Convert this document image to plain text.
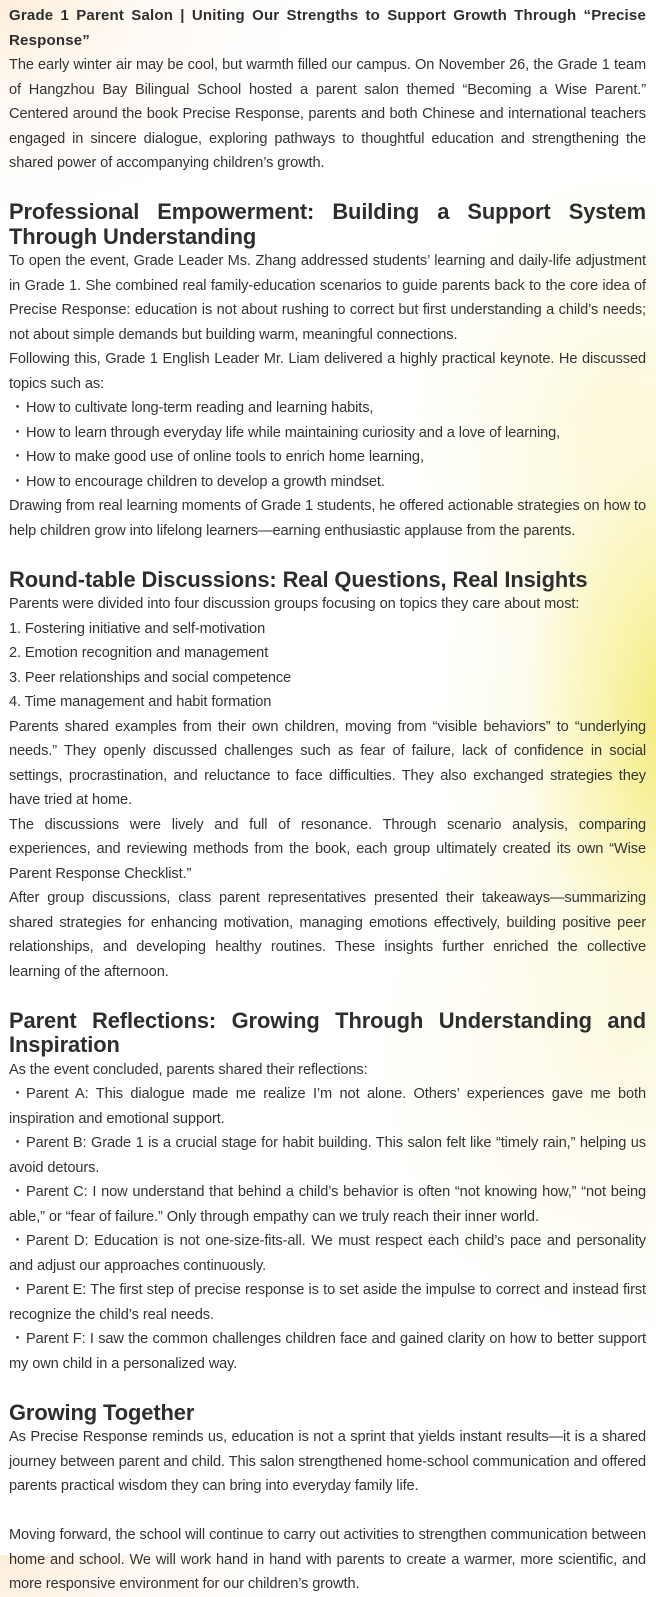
Grade 1 Parent Salon | Uniting Our Strengths to Support Growth Through “Precise Response”

The early winter air may be cool, but warmth filled our campus. On November 26, the Grade 1 team of Hangzhou Bay Bilingual School hosted a parent salon themed “Becoming a Wise Parent.” Centered around the book Precise Response, parents and both Chinese and international teachers engaged in sincere dialogue, exploring pathways to thoughtful education and strengthening the shared power of accompanying children’s growth.

Professional Empowerment: Building a Support System Through Understanding

To open the event, Grade Leader Ms. Zhang addressed students’ learning and daily-life adjustment in Grade 1. She combined real family-education scenarios to guide parents back to the core idea of Precise Response: education is not about rushing to correct but first understanding a child’s needs; not about simple demands but building warm, meaningful connections.

Following this, Grade 1 English Leader Mr. Liam delivered a highly practical keynote. He discussed topics such as:

・How to cultivate long-term reading and learning habits,
・How to learn through everyday life while maintaining curiosity and a love of learning,
・How to make good use of online tools to enrich home learning,
・How to encourage children to develop a growth mindset.

Drawing from real learning moments of Grade 1 students, he offered actionable strategies on how to help children grow into lifelong learners—earning enthusiastic applause from the parents.

Round-table Discussions: Real Questions, Real Insights

Parents were divided into four discussion groups focusing on topics they care about most:

1. Fostering initiative and self-motivation
2. Emotion recognition and management
3. Peer relationships and social competence
4. Time management and habit formation

Parents shared examples from their own children, moving from “visible behaviors” to “underlying needs.” They openly discussed challenges such as fear of failure, lack of confidence in social settings, procrastination, and reluctance to face difficulties. They also exchanged strategies they have tried at home.

The discussions were lively and full of resonance. Through scenario analysis, comparing experiences, and reviewing methods from the book, each group ultimately created its own “Wise Parent Response Checklist.”

After group discussions, class parent representatives presented their takeaways—summarizing shared strategies for enhancing motivation, managing emotions effectively, building positive peer relationships, and developing healthy routines. These insights further enriched the collective learning of the afternoon.

Parent Reflections: Growing Through Understanding and Inspiration

As the event concluded, parents shared their reflections:

・Parent A: This dialogue made me realize I’m not alone. Others’ experiences gave me both inspiration and emotional support.

・Parent B: Grade 1 is a crucial stage for habit building. This salon felt like “timely rain,” helping us avoid detours.

・Parent C: I now understand that behind a child’s behavior is often “not knowing how,” “not being able,” or “fear of failure.” Only through empathy can we truly reach their inner world.

・Parent D: Education is not one-size-fits-all. We must respect each child’s pace and personality and adjust our approaches continuously.

・Parent E: The first step of precise response is to set aside the impulse to correct and instead first recognize the child’s real needs.

・Parent F: I saw the common challenges children face and gained clarity on how to better support my own child in a personalized way.

Growing Together

As Precise Response reminds us, education is not a sprint that yields instant results—it is a shared journey between parent and child. This salon strengthened home-school communication and offered parents practical wisdom they can bring into everyday family life.

Moving forward, the school will continue to carry out activities to strengthen communication between home and school. We will work hand in hand with parents to create a warmer, more scientific, and more responsive environment for our children’s growth.
